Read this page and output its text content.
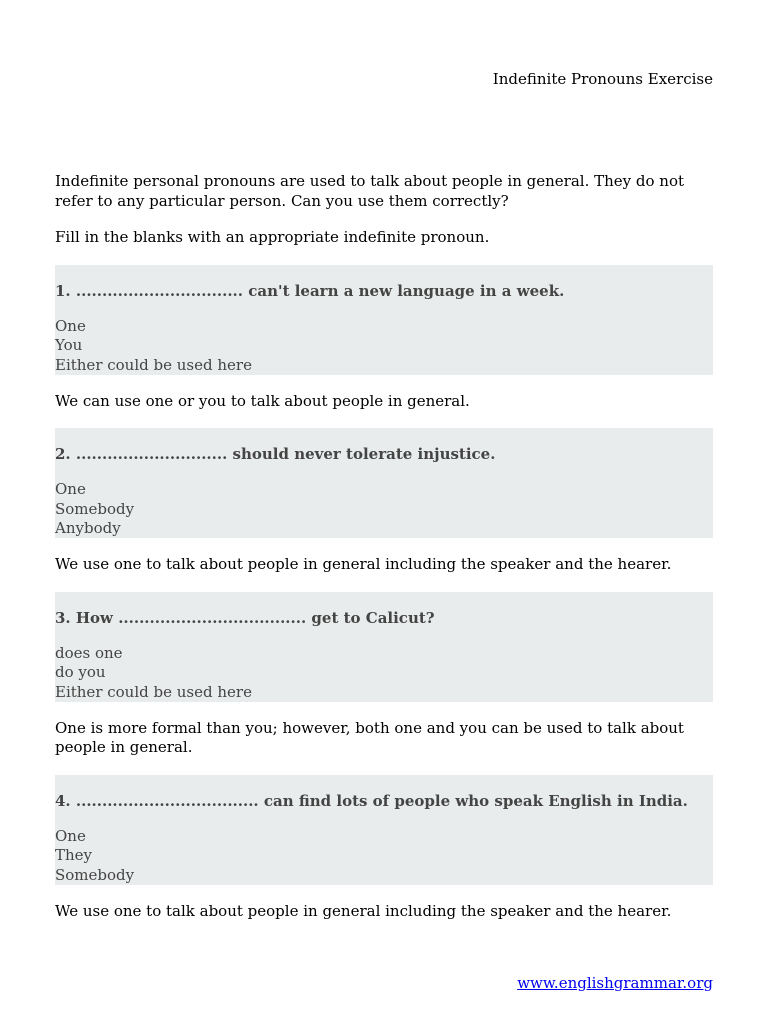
Indefinite Pronouns Exercise

Indefinite personal pronouns are used to talk about people in general. They do not refer to any particular person. Can you use them correctly?

Fill in the blanks with an appropriate indefinite pronoun.

1. ................................ can't learn a new language in a week.

One

You

Either could be used here

We can use one or you to talk about people in general.

2. ............................. should never tolerate injustice.

One

Somebody

Anybody

We use one to talk about people in general including the speaker and the hearer.

3. How .................................... get to Calicut?

does one

do you

Either could be used here

One is more formal than you; however, both one and you can be used to talk about people in general.

4. ................................... can find lots of people who speak English in India.

One

They

Somebody

We use one to talk about people in general including the speaker and the hearer.

www.englishgrammar.org
